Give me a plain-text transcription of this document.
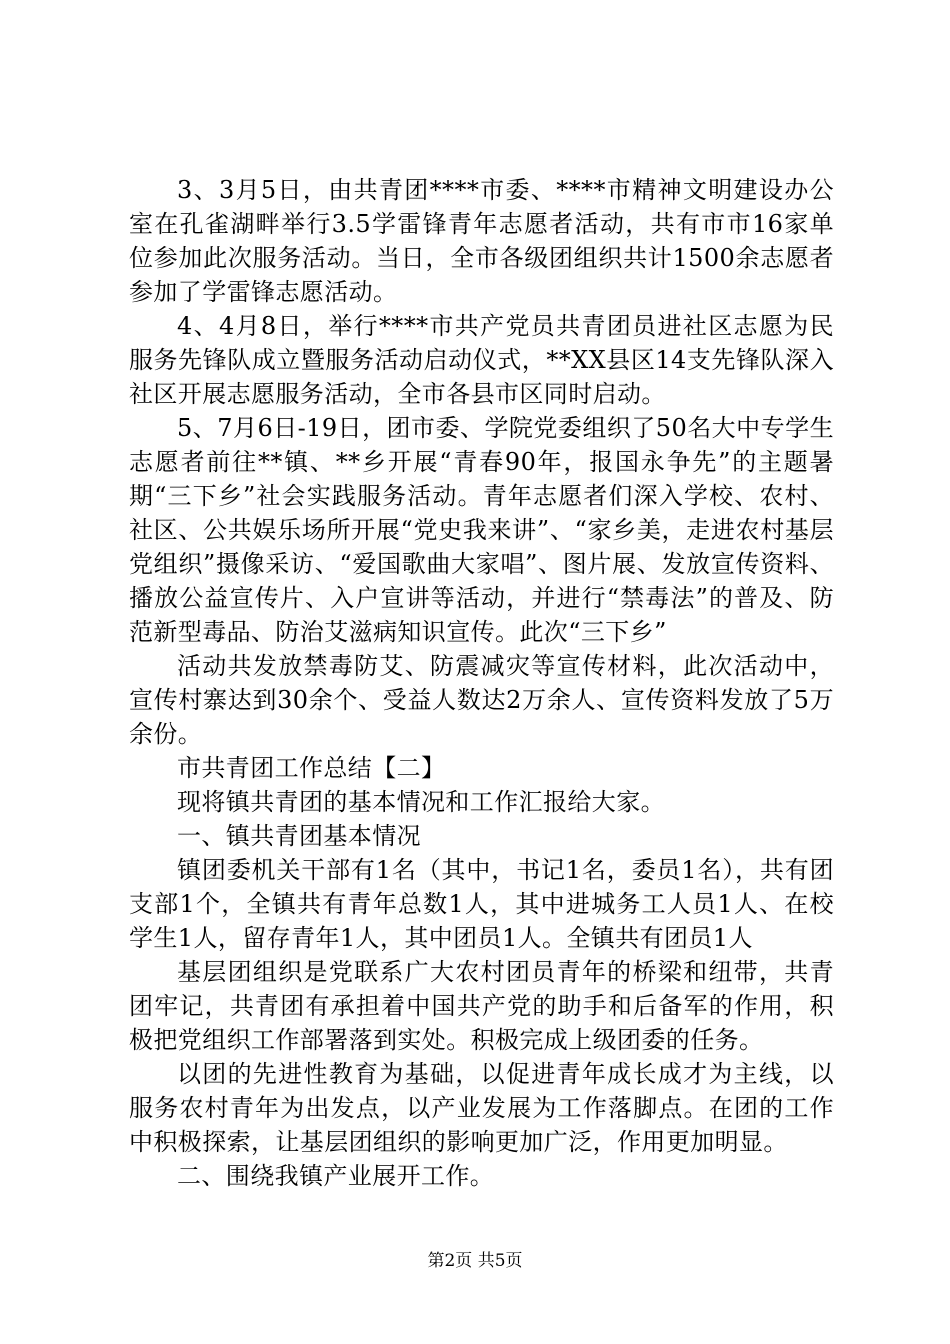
3、3月5日，由共青团****市委、****市精神文明建设办公室在孔雀湖畔举行3.5学雷锋青年志愿者活动，共有市市16家单位参加此次服务活动。当日，全市各级团组织共计1500余志愿者参加了学雷锋志愿活动。

4、4月8日，举行****市共产党员共青团员进社区志愿为民服务先锋队成立暨服务活动启动仪式，**XX县区14支先锋队深入社区开展志愿服务活动，全市各县市区同时启动。

5、7月6日-19日，团市委、学院党委组织了50名大中专学生志愿者前往**镇、**乡开展“青春90年，报国永争先”的主题暑期“三下乡”社会实践服务活动。青年志愿者们深入学校、农村、社区、公共娱乐场所开展“党史我来讲”、“家乡美，走进农村基层党组织”摄像采访、“爱国歌曲大家唱”、图片展、发放宣传资料、播放公益宣传片、入户宣讲等活动，并进行“禁毒法”的普及、防范新型毒品、防治艾滋病知识宣传。此次“三下乡”

活动共发放禁毒防艾、防震减灾等宣传材料，此次活动中，宣传村寨达到30余个、受益人数达2万余人、宣传资料发放了5万余份。

市共青团工作总结【二】

现将镇共青团的基本情况和工作汇报给大家。

一、镇共青团基本情况

镇团委机关干部有1名（其中，书记1名，委员1名），共有团支部1个，全镇共有青年总数1人，其中进城务工人员1人、在校学生1人，留存青年1人，其中团员1人。全镇共有团员1人

基层团组织是党联系广大农村团员青年的桥梁和纽带，共青团牢记，共青团有承担着中国共产党的助手和后备军的作用，积极把党组织工作部署落到实处。积极完成上级团委的任务。

以团的先进性教育为基础，以促进青年成长成才为主线，以服务农村青年为出发点，以产业发展为工作落脚点。在团的工作中积极探索，让基层团组织的影响更加广泛，作用更加明显。

二、围绕我镇产业展开工作。

第2页 共5页
